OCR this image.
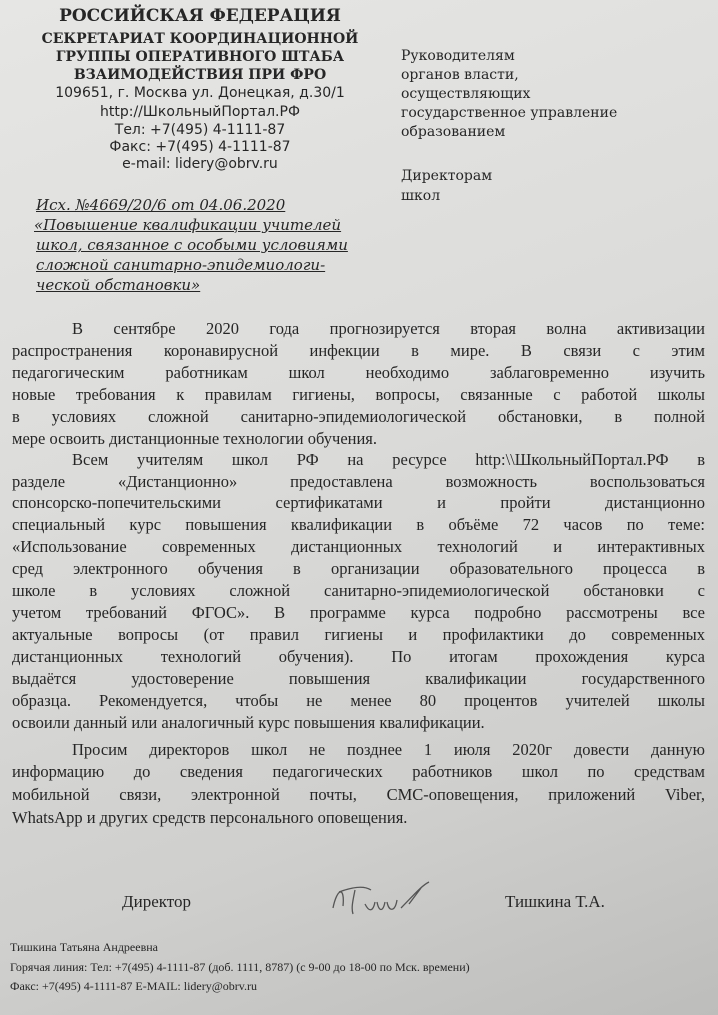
РОССИЙСКАЯ ФЕДЕРАЦИЯ
СЕКРЕТАРИАТ КООРДИНАЦИОННОЙ
ГРУППЫ ОПЕРАТИВНОГО ШТАБА
ВЗАИМОДЕЙСТВИЯ ПРИ ФРО
109651, г. Москва ул. Донецкая, д.30/1
http://ШкольныйПортал.РФ
Тел: +7(495) 4-1111-87
Факс: +7(495) 4-1111-87
e-mail: lidery@obrv.ru
Руководителям
органов власти,
осуществляющих
государственное управление
образованием
Директорам
школ
Исх. №4669/20/6 от 04.06.2020
«Повышение квалификации учителей
школ, связанное с особыми условиями
сложной санитарно-эпидемиологи-
ческой обстановки»
В сентябре 2020 года прогнозируется вторая волна активизации
распространения коронавирусной инфекции в мире. В связи с этим
педагогическим работникам школ необходимо заблаговременно изучить
новые требования к правилам гигиены, вопросы, связанные с работой школы
в условиях сложной санитарно-эпидемиологической обстановки, в полной
мере освоить дистанционные технологии обучения.
Всем учителям школ РФ на ресурсе http:\\ШкольныйПортал.РФ в
разделе «Дистанционно» предоставлена возможность воспользоваться
спонсорско-попечительскими сертификатами и пройти дистанционно
специальный курс повышения квалификации в объёме 72 часов по теме:
«Использование современных дистанционных технологий и интерактивных
сред электронного обучения в организации образовательного процесса в
школе в условиях сложной санитарно-эпидемиологической обстановки с
учетом требований ФГОС». В программе курса подробно рассмотрены все
актуальные вопросы (от правил гигиены и профилактики до современных
дистанционных технологий обучения). По итогам прохождения курса
выдаётся удостоверение повышения квалификации государственного
образца. Рекомендуется, чтобы не менее 80 процентов учителей школы
освоили данный или аналогичный курс повышения квалификации.
Просим директоров школ не позднее 1 июля 2020г довести данную
информацию до сведения педагогических работников школ по средствам
мобильной связи, электронной почты, СМС-оповещения, приложений Viber,
WhatsApp и других средств персонального оповещения.
Директор	Тишкина Т.А.
Тишкина Татьяна Андреевна
Горячая линия: Тел: +7(495) 4-1111-87 (доб. 1111, 8787) (с 9-00 до 18-00 по Мск. времени)
Факс: +7(495) 4-1111-87 E-MAIL: lidery@obrv.ru
